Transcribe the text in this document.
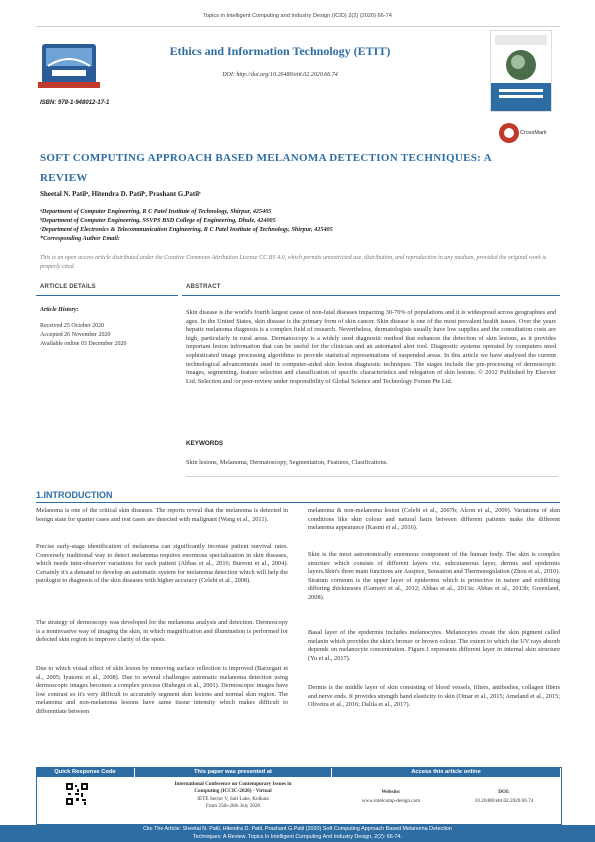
Topics in Intelligent Computing and Industry Design (ICID) 2(2) (2020) 66-74
ISBN: 978-1-948012-17-1
Ethics and Information Technology (ETIT)
DOI: http://doi.org/10.26480/etit.02.2020.66.74
CrossMark
SOFT COMPUTING APPROACH BASED MELANOMA DETECTION TECHNIQUES: A
REVIEW
Sheetal N. Patilᵃ, Hitendra D. Patilᵇ, Prashant G.Patilᶜ
ᵃDepartment of Computer Engineering, R C Patel Institute of Technology, Shirpur, 425405
ᵇDepartment of Computer Engineering, SSVPS BSD College of Engineering, Dhule, 424005
ᶜDepartment of Electronics & Telecommunication Engineering, R C Patel Institute of Technology, Shirpur, 425405
*Corresponding Author Email:
This is an open access article distributed under the Creative Commons Attribution License CC BY 4.0, which permits unrestricted use, distribution, and reproduction in any medium, provided the original work is properly cited.
ARTICLE DETAILS
Article History:
Received 25 October 2020
Accepted 26 November 2020
Available online 03 December 2020
ABSTRACT
Skin disease is the world's fourth largest cause of non-fatal diseases impacting 30-70% of populations and it is widespread across geographies and ages. In the United States, skin disease is the primary form of skin cancer. Skin disease is one of the most prevalent health issues. Over the years hepatic melanoma diagnosis is a complex field of research. Nevertheless, dermatologists usually have low supplies and the consultation costs are high, particularly in rural areas. Dermatoscopy is a widely used diagnostic method that enhances the detection of skin lesions, as it provides important lesion information that can be useful for the clinician and an automated alert tool. Diagnostic systems operated by computers need sophisticated image processing algorithms to provide statistical representations of suspended areas. In this article we have analysed the current technological advancements used in computer-aided skin lesion diagnostic techniques. The stages include the pre-processing of dermoscopic images, segmenting, feature selection and classification of specific characteristics and relegation of skin lesions. © 2012 Published by Elsevier Ltd. Selection and /or peer-review under responsibility of Global Science and Technology Forum Pte Ltd.
KEYWORDS
Skin lesions, Melanoma, Dermatoscopy, Segmentation, Features, Clasifications.
1.INTRODUCTION
Melanoma is one of the critical skin diseases. The reports reveal that the melanoma is detected in benign state for quarter cases and rest cases are detected with malignant (Wang et al., 2011).
Precise early-stage identification of melanoma can significantly increase patient survival rates. Conversely traditional way to detect melanoma requires enormous specialization in skin diseases, which needs inter-observer variations for each patient (Abbas et al., 2016; Burroni et al., 2004). Certainly it's a demand to develop an automatic system for melanoma detection which will help the patologist to diagnosis of the skin diseases with higher accuracy (Celebi et al., 2008).
The strategy of dermoscopy was developed for the melanoma analysis and detection. Dermoscopy is a noninvasive way of imaging the skin, in which magnification and illumination is performed for defected skin region to improve clarity of the spots.
Due to which visual effect of skin lesion by removing surface reflection is improved (Barzegari et al., 2005; Iyatomi et al., 2008). Due to several challenges automatic melanoma detection using dermoscopic images becomes a complex process (Rubegni et al., 2001). Dermoscopic images have low contrast so it's very difficult to accurately segment skin lesions and normal skin region. The melanoma and non-melanoma lesions have same tissue intensity which makes difficult to differentiate between
melanoma & non-melanoma lesion (Celebi et al., 2007b; Alcon et al., 2009). Variations of skin conditions like skin colour and natural hairs between different patients make the different melanoma appearance (Kasmi et al., 2016).
Skin is the most astronomically enormous component of the human body. The skin is complex structure which consists of different layers viz. subcutaneous layer, dermis and epidermis layers.Skin's three main functions are Auspice, Sensation and Thermoregulation (Zhou et al., 2010). Stratum corneum is the upper layer of epidermis which is protective in nature and exhibiting differing thicknesses (Garnavi et al., 2012; Abbas et al., 2013a; Abbas et al., 2013b; Greenland, 2008).
Basal layer of the epidermis includes melanocytes. Melanocytes create the skin pigment called melanin which provides the skin's bronze or brown colour. The extent to which the UV rays absorb depends on melanocyte concentration. Figure.1 represents different layer in internal skin structure (Yu et al., 2017).
Dermis is the middle layer of skin consisting of blood vessels, filters, antibodies, collagen fibers and nerve ends. It provides strength hand elasticity to skin (Omar et al., 2015; Ameland et al., 2015; Oliveira et al., 2016; Dalila et al., 2017).
Quick Response Code	This paper was presented at	Access this article online
International Conference on Contemporary Issues in
Computing (ICCIC-2020) - Virtual
IETE Sector V, Salt Lake, Kolkata
From 25th-26th July 2020
Website:
www.intelcomp-design.com
DOI:
10.26480/etit.02.2020.66.74
Cite The Article: Sheetal N. Patil, Hitendra D. Patil, Prashant G.Patil (2020) Soft Computing Approach Based Melanoma Detection
Techniques: A Review. Topics In Intelligent Computing And Industry Design, 2(2): 66-74.
